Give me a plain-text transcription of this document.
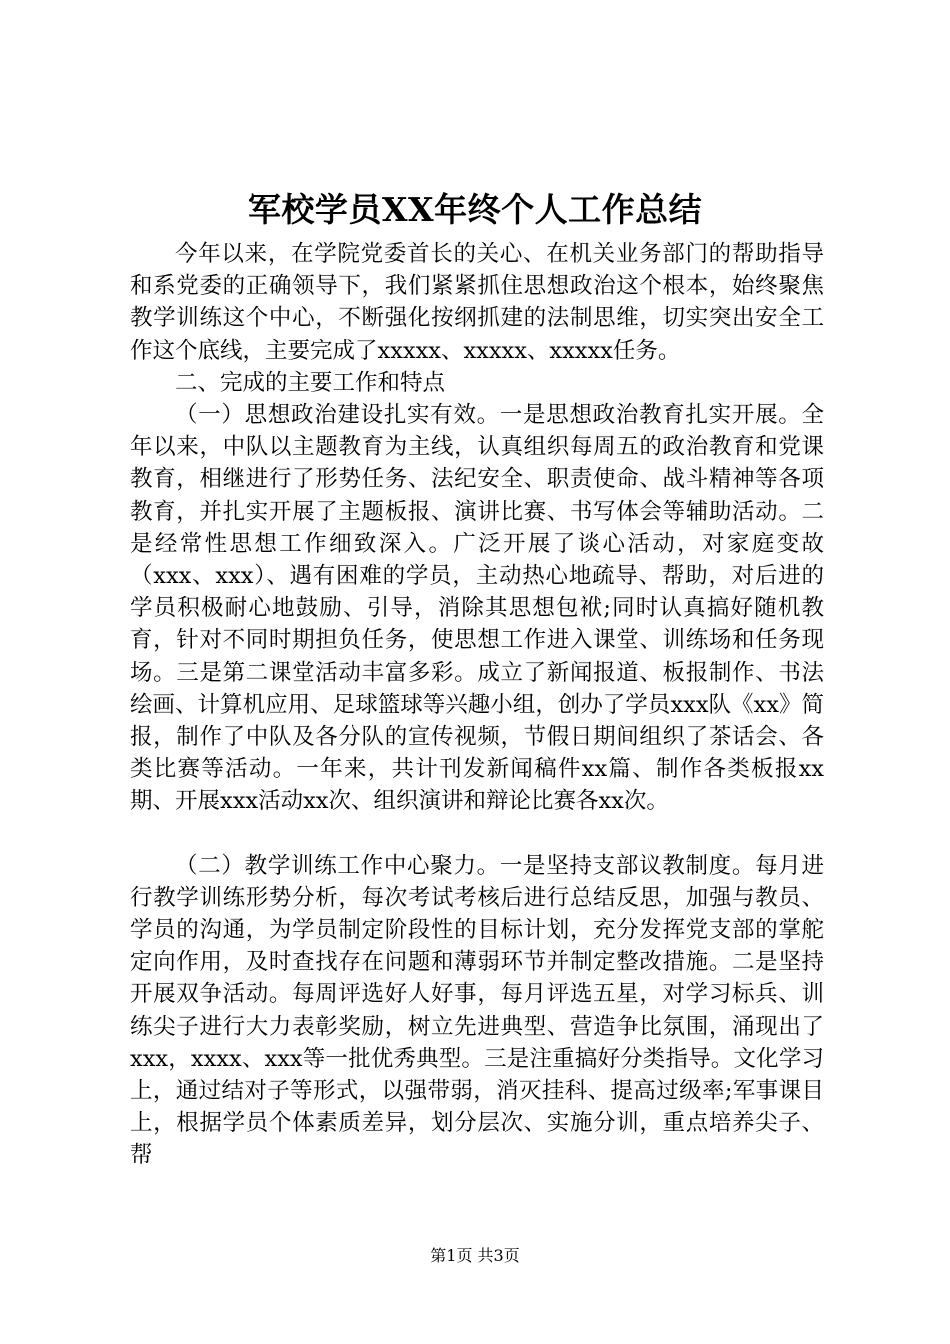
军校学员XX年终个人工作总结

今年以来，在学院党委首长的关心、在机关业务部门的帮助指导和系党委的正确领导下，我们紧紧抓住思想政治这个根本，始终聚焦教学训练这个中心，不断强化按纲抓建的法制思维，切实突出安全工作这个底线，主要完成了xxxxx、xxxxx、xxxxx任务。

二、完成的主要工作和特点

（一）思想政治建设扎实有效。一是思想政治教育扎实开展。全年以来，中队以主题教育为主线，认真组织每周五的政治教育和党课教育，相继进行了形势任务、法纪安全、职责使命、战斗精神等各项教育，并扎实开展了主题板报、演讲比赛、书写体会等辅助活动。二是经常性思想工作细致深入。广泛开展了谈心活动，对家庭变故（xxx、xxx）、遇有困难的学员，主动热心地疏导、帮助，对后进的学员积极耐心地鼓励、引导，消除其思想包袱;同时认真搞好随机教育，针对不同时期担负任务，使思想工作进入课堂、训练场和任务现场。三是第二课堂活动丰富多彩。成立了新闻报道、板报制作、书法绘画、计算机应用、足球篮球等兴趣小组，创办了学员xxx队《xx》简报，制作了中队及各分队的宣传视频，节假日期间组织了茶话会、各类比赛等活动。一年来，共计刊发新闻稿件xx篇、制作各类板报xx期、开展xxx活动xx次、组织演讲和辩论比赛各xx次。

（二）教学训练工作中心聚力。一是坚持支部议教制度。每月进行教学训练形势分析，每次考试考核后进行总结反思，加强与教员、学员的沟通，为学员制定阶段性的目标计划，充分发挥党支部的掌舵定向作用，及时查找存在问题和薄弱环节并制定整改措施。二是坚持开展双争活动。每周评选好人好事，每月评选五星，对学习标兵、训练尖子进行大力表彰奖励，树立先进典型、营造争比氛围，涌现出了xxx，xxxx、xxx等一批优秀典型。三是注重搞好分类指导。文化学习上，通过结对子等形式，以强带弱，消灭挂科、提高过级率;军事课目上，根据学员个体素质差异，划分层次、实施分训，重点培养尖子、帮

第1页 共3页
